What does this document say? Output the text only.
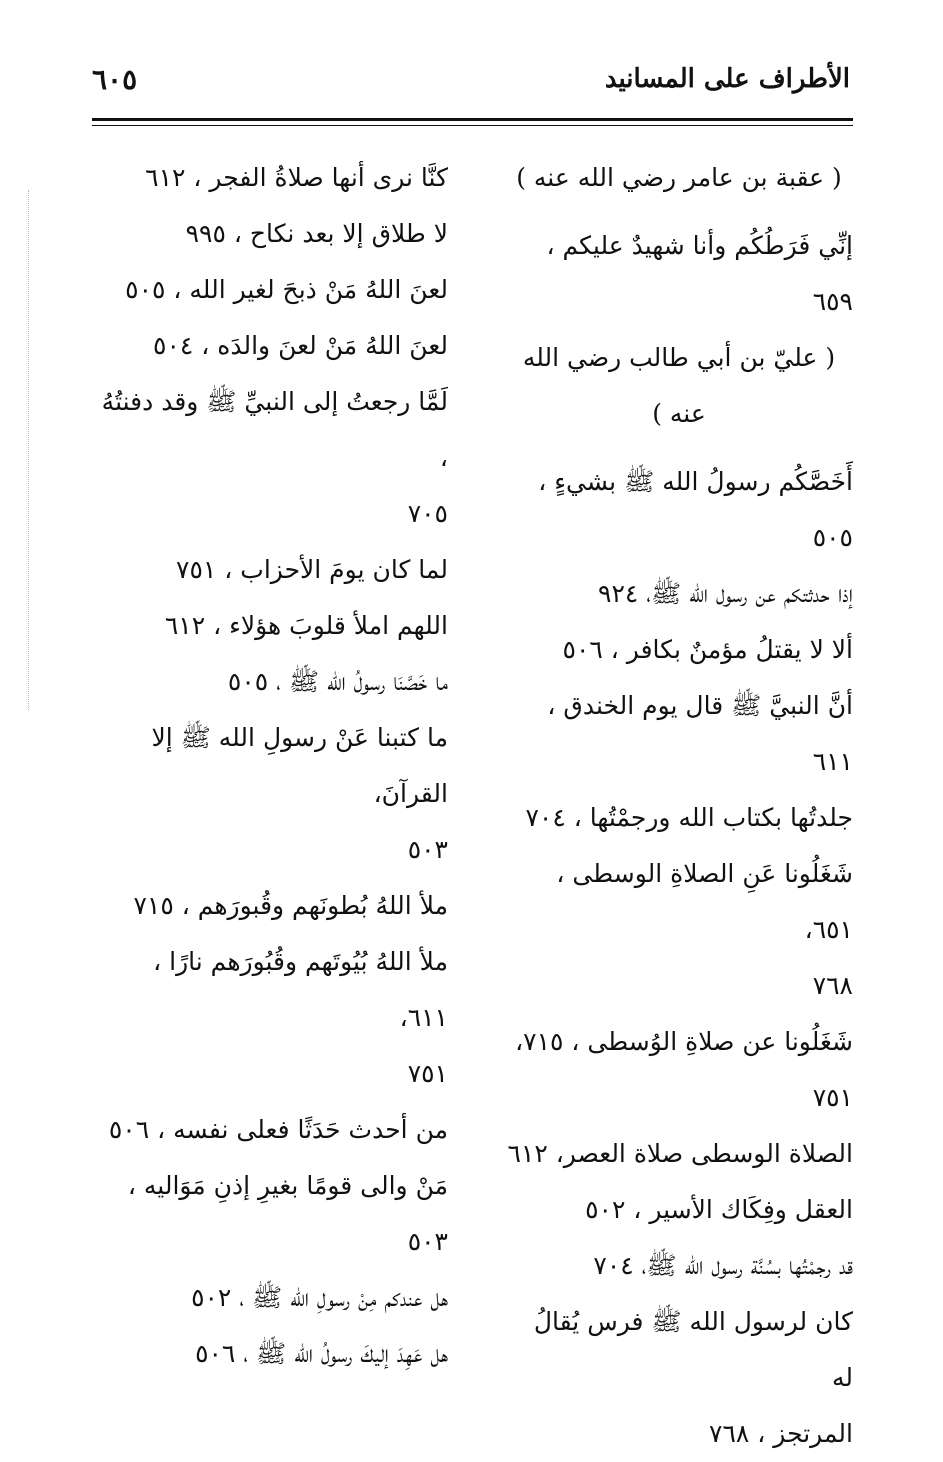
٦٠٥	الأطراف على المسانيد

( عقبة بن عامر رضي الله عنه )

إنِّي فَرَطُكُم وأنا شهيدٌ عليكم ، ٦٥٩

( عليّ بن أبي طالب رضي الله عنه )

أَخَصَّكُم رسولُ الله ﷺ بشيءٍ ، ٥٠٥

إذا حدثتكم عن رسول الله ﷺ، ٩٢٤

ألا لا يقتلُ مؤمنٌ بكافر ، ٥٠٦

أنَّ النبيَّ ﷺ قال يوم الخندق ، ٦١١

جلدتُها بكتاب الله ورجمْتُها ، ٧٠٤

شَغَلُونا عَنِ الصلاةِ الوسطى ، ٦٥١،
٧٦٨

شَغَلُونا عن صلاةِ الوُسطى ، ٧١٥،
٧٥١

الصلاة الوسطى صلاة العصر، ٦١٢

العقل وفِكَاك الأسير ، ٥٠٢

قد رجمْتُها بسُنَّة رسول الله ﷺ، ٧٠٤

كان لرسول الله ﷺ فرس يُقالُ له
المرتجز ، ٧٦٨

كنَّا نرى أنها صلاةُ الفجر ، ٦١٢

لا طلاق إلا بعد نكاح ، ٩٩٥

لعنَ اللهُ مَنْ ذبحَ لغير الله ، ٥٠٥

لعنَ اللهُ مَنْ لعنَ والدَه ، ٥٠٤

لَمَّا رجعتُ إلى النبيِّ ﷺ وقد دفنتُهُ ،
٧٠٥

لما كان يومَ الأحزاب ، ٧٥١

اللهم املأ قلوبَ هؤلاء ، ٦١٢

ما خَصَّنَا رسولُ الله ﷺ ، ٥٠٥

ما كتبنا عَنْ رسولِ الله ﷺ إلا القرآنَ،
٥٠٣

ملأ اللهُ بُطونَهم وقُبورَهم ، ٧١٥

ملأ اللهُ بُيُوتَهم وقُبُورَهم نارًا ، ٦١١،
٧٥١

من أحدث حَدَثًا فعلى نفسه ، ٥٠٦

مَنْ والى قومًا بغيرِ إذنِ مَوَاليه ، ٥٠٣

هل عندكم مِنْ رسولِ الله ﷺ ، ٥٠٢

هل عَهِدَ إليكَ رسولُ الله ﷺ ، ٥٠٦
